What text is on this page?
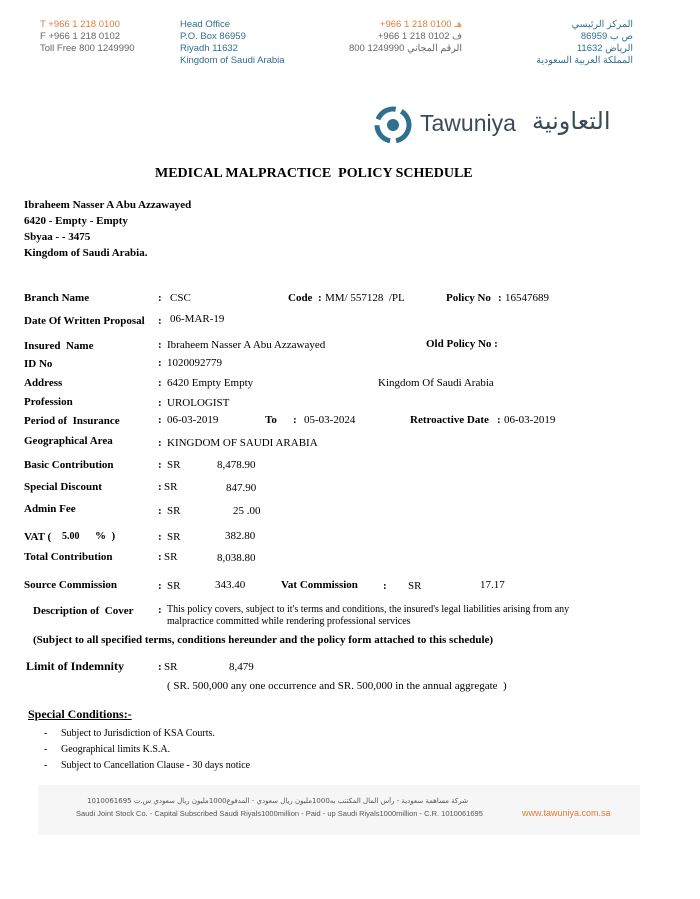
T +966 1 218 0100
F +966 1 218 0102
Toll Free 800 1249990
Head Office
P.O. Box 86959
Riyadh 11632
Kingdom of Saudi Arabia
هـ 0100 218 1 966+
ف 0102 218 1 966+
الرقم المجاني 1249990 800
المركز الرئيسي
ص ب 86959
الرياض 11632
المملكة العربية السعودية
Tawuniya التعاونية
MEDICAL MALPRACTICE  POLICY SCHEDULE
Ibraheem Nasser A Abu Azzawayed
6420 - Empty - Empty
Sbyaa - - 3475
Kingdom of Saudi Arabia.
Branch Name	: CSC	Code : MM/ 557128  /PL	Policy No : 16547689
Date Of Written Proposal : 06-MAR-19
Insured  Name	: Ibraheem Nasser A Abu Azzawayed	Old Policy No :
ID No	: 1020092779
Address	: 6420 Empty Empty	Kingdom Of Saudi Arabia
Profession	: UROLOGIST
Period of  Insurance	: 06-03-2019	To : 05-03-2024	Retroactive Date : 06-03-2019
Geographical Area	: KINGDOM OF SAUDI ARABIA
Basic Contribution	: SR	8,478.90
Special Discount	: SR	847.90
Admin Fee	: SR	25 .00
VAT ( 5.00 %  )	: SR	382.80
Total Contribution	: SR	8,038.80
Source Commission	: SR	343.40	Vat Commission : SR	17.17
Description of  Cover : This policy covers, subject to it's terms and conditions, the insured's legal liabilities arising from any
malpractice committed while rendering professional services
(Subject to all specified terms, conditions hereunder and the policy form attached to this schedule)
Limit of Indemnity	: SR	8,479
( SR. 500,000 any one occurrence and SR. 500,000 in the annual aggregate  )
Special Conditions:-
- Subject to Jurisdiction of KSA Courts.
- Geographical limits K.S.A.
- Subject to Cancellation Clause - 30 days notice
شركة مساهمة سعودية - رأس المال المكتتب به1000مليون ريال سعودي - المدفوع1000مليون ريال سعودي س.ت 1010061695
Saudi Joint Stock Co. - Capital Subscribed Saudi Riyals1000million - Paid - up Saudi Riyals1000million - C.R. 1010061695	www.tawuniya.com.sa
